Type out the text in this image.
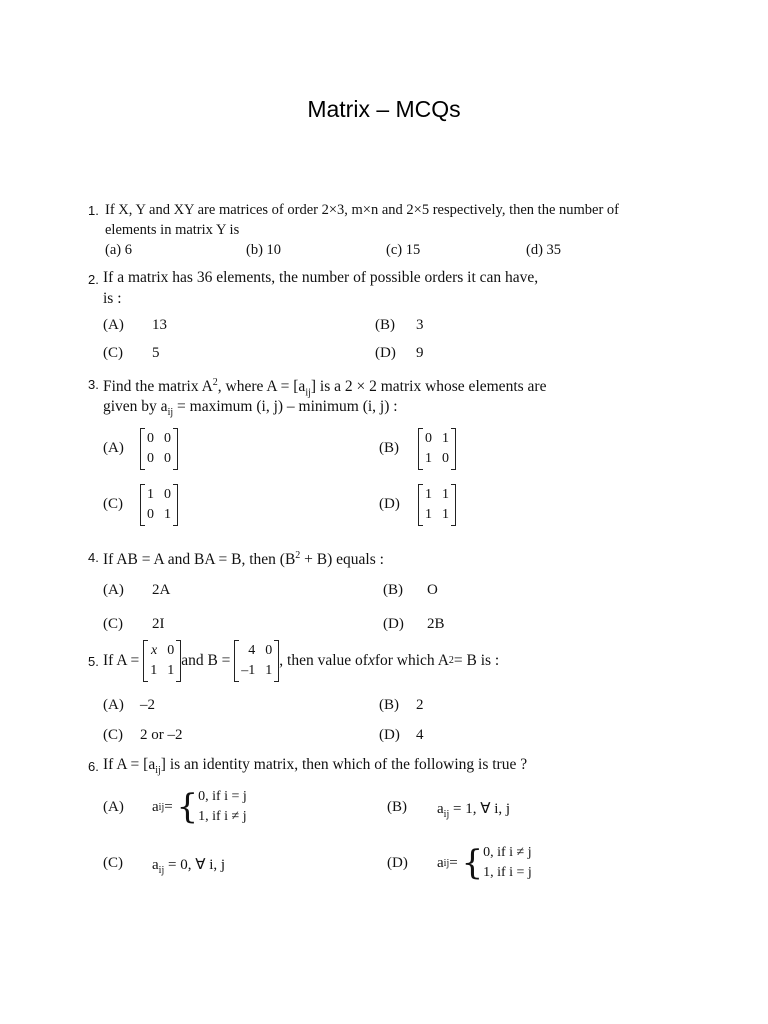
Matrix – MCQs
1. If X, Y and XY are matrices of order 2×3, m×n and 2×5 respectively, then the number of
elements in matrix Y is
(a) 6	(b) 10	(c) 15	(d) 35
2. If a matrix has 36 elements, the number of possible orders it can have,
is :
(A) 13	(B) 3
(C) 5	(D) 9
3. Find the matrix $A^2$, where $A = [a_{ij}]$ is a 2 × 2 matrix whose elements are
given by $a_{ij}$ = maximum (i, j) – minimum (i, j) :
(A)
0 0
0 0
(B)
0 1
1 0
(C)
1 0
0 1
(D)
1 1
1 1
4. If AB = A and BA = B, then $(B^2 + B)$ equals :
(A) 2A	(B) O
(C) 2I	(D) 2B
5. If A =

x 0
1 1
and B =

4 0
–1 1
, then value of x for which A 2 = B is :
(A) –2	(B) 2
(C) 2 or –2	(D) 4
6. If $A = [a_{ij}]$ is an identity matrix, then which of the following is true ?
(A) a ij =
{ 0, if i = j
1, if i ≠ j
(B) $a_{ij} = 1$, ∀ i, j
(C) $a_{ij} = 0$, ∀ i, j	(D) a ij =
{ 0, if i ≠ j
1, if i = j
